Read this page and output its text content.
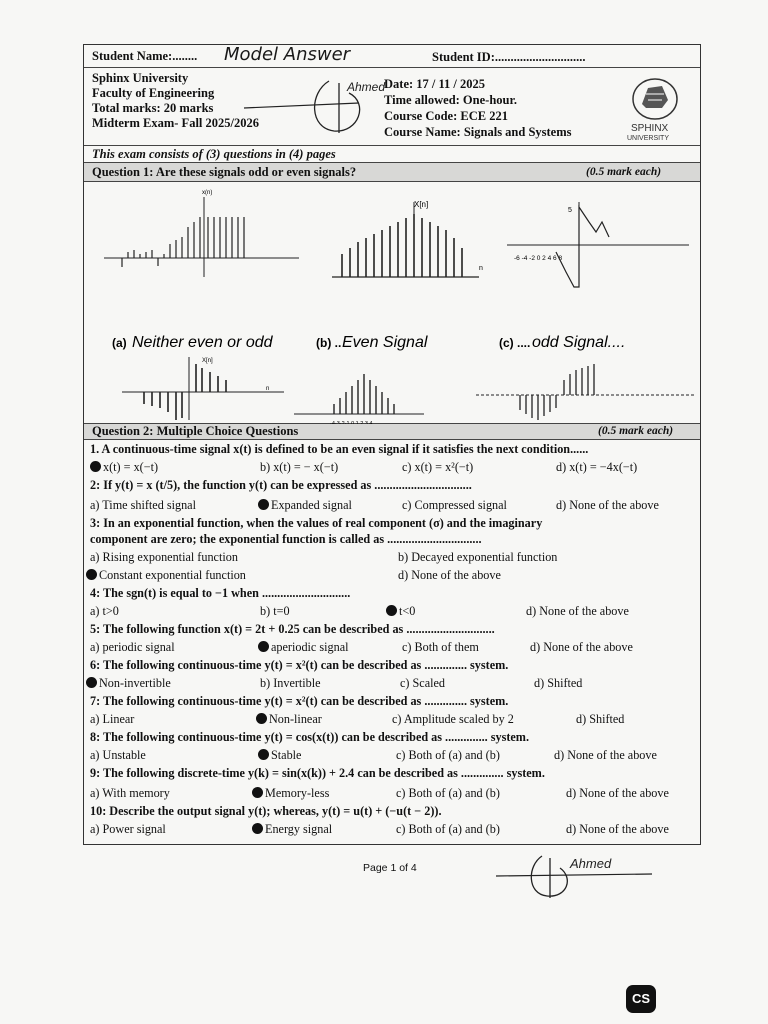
Student Name:........ Model Answer	Student ID:.............................
Sphinx University
Faculty of Engineering
Total marks: 20 marks
Midterm Exam- Fall 2025/2026
Ahmed
Date: 17 / 11 / 2025
Time allowed: One-hour.
Course Code: ECE 221
Course Name: Signals and Systems	SPHINX
UNIVERSITY
This exam consists of (3) questions in (4) pages
Question 1: Are these signals odd or even signals?	(0.5 mark each)
x(n)
X[n]
n
5
-6 -4 -2 0 2 4 6 8
(a) Neither even or odd	(b) .. Even Signal	(c) .... odd Signal....
X[n]
n
-4-3-2-1 0 1 2 3 4
Question 2: Multiple Choice Questions	(0.5 mark each)
1. A continuous-time signal x(t) is defined to be an even signal if it satisfies the next condition......
x(t) = x(−t)	b) x(t) = − x(−t)	c) x(t) = x²(−t)	d) x(t) = −4x(−t)
2: If y(t) = x (t/5), the function y(t) can be expressed as ................................
a) Time shifted signal	Expanded signal	c) Compressed signal	d) None of the above
3: In an exponential function, when the values of real component (σ) and the imaginary
component are zero; the exponential function is called as ...............................
a) Rising exponential function	b) Decayed exponential function
Constant exponential function	d) None of the above
4: The sgn(t) is equal to −1 when .............................
a) t>0	b) t=0	t<0	d) None of the above
5: The following function x(t) = 2t + 0.25 can be described as .............................
a) periodic signal	aperiodic signal	c) Both of them	d) None of the above
6: The following continuous-time y(t) = x²(t) can be described as .............. system.
Non-invertible	b) Invertible	c) Scaled	d) Shifted
7: The following continuous-time y(t) = x²(t) can be described as .............. system.
a) Linear	Non-linear	c) Amplitude scaled by 2	d) Shifted
8: The following continuous-time y(t) = cos(x(t)) can be described as .............. system.
a) Unstable	Stable	c) Both of (a) and (b)	d) None of the above
9: The following discrete-time y(k) = sin(x(k)) + 2.4 can be described as .............. system.
a) With memory	Memory-less	c) Both of (a) and (b)	d) None of the above
10: Describe the output signal y(t); whereas, y(t) = u(t) + (−u(t − 2)).
a) Power signal	Energy signal	c) Both of (a) and (b)	d) None of the above
Page 1 of 4	Ahmed
CS
